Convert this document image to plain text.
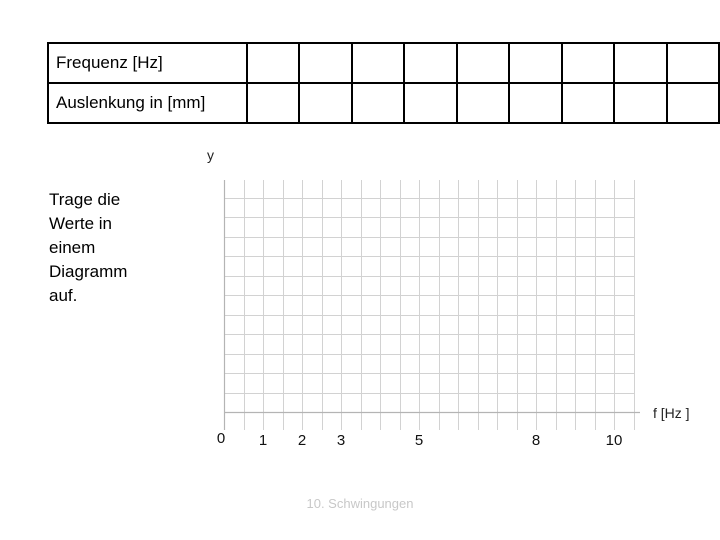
Frequenz [Hz]									
Auslenkung in [mm]									
Trage die
Werte in
einem
Diagramm
auf.
y
f [Hz ]
0 1 2 3	5	8	10
10. Schwingungen
